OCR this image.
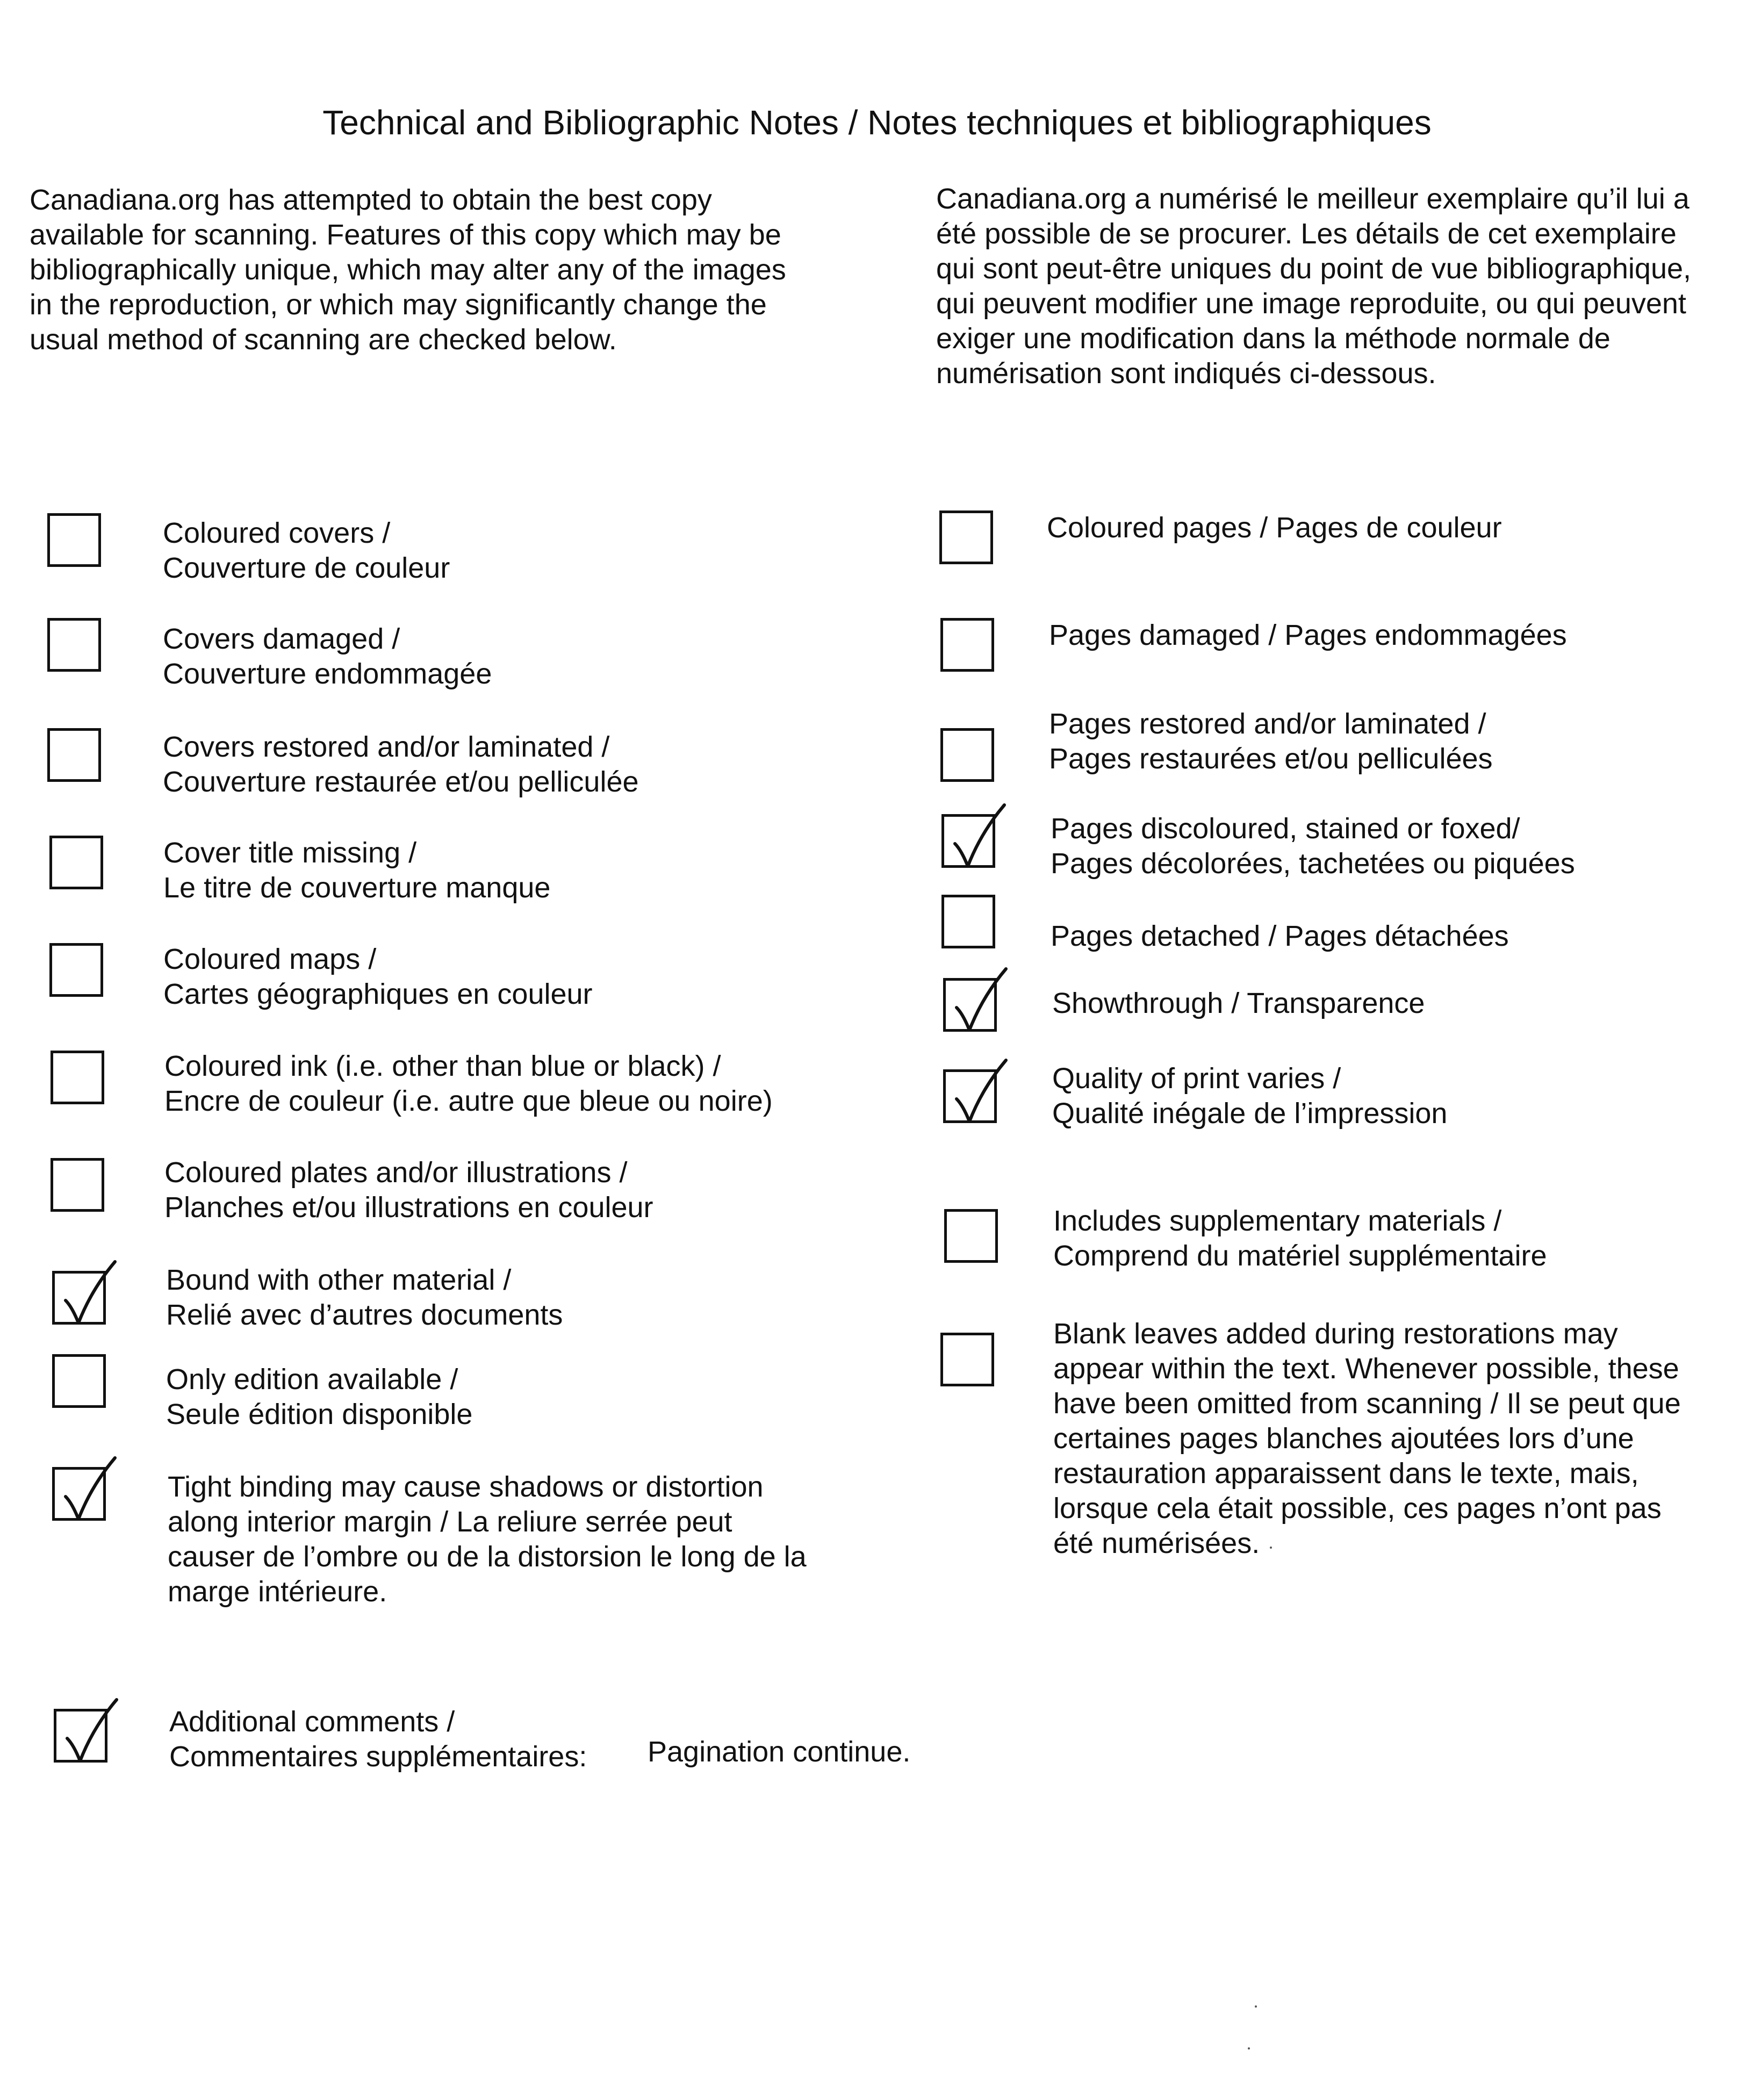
Technical and Bibliographic Notes / Notes techniques et bibliographiques
Canadiana.org has attempted to obtain the best copy
available for scanning. Features of this copy which may be
bibliographically unique, which may alter any of the images
in the reproduction, or which may significantly change the
usual method of scanning are checked below.
Canadiana.org a numérisé le meilleur exemplaire qu’il lui a
été possible de se procurer. Les détails de cet exemplaire
qui sont peut-être uniques du point de vue bibliographique,
qui peuvent modifier une image reproduite, ou qui peuvent
exiger une modification dans la méthode normale de
numérisation sont indiqués ci-dessous.
Coloured covers /
Couverture de couleur
Covers damaged /
Couverture endommagée
Covers restored and/or laminated /
Couverture restaurée et/ou pelliculée
Cover title missing /
Le titre de couverture manque
Coloured maps /
Cartes géographiques en couleur
Coloured ink (i.e. other than blue or black) /
Encre de couleur (i.e. autre que bleue ou noire)
Coloured plates and/or illustrations /
Planches et/ou illustrations en couleur
Bound with other material /
Relié avec d’autres documents
Only edition available /
Seule édition disponible
Tight binding may cause shadows or distortion
along interior margin / La reliure serrée peut
causer de l’ombre ou de la distorsion le long de la
marge intérieure.
Coloured pages / Pages de couleur
Pages damaged / Pages endommagées
Pages restored and/or laminated /
Pages restaurées et/ou pelliculées
Pages discoloured, stained or foxed/
Pages décolorées, tachetées ou piquées
Pages detached / Pages détachées
Showthrough / Transparence
Quality of print varies /
Qualité inégale de l’impression
Includes supplementary materials /
Comprend du matériel supplémentaire
Blank leaves added during restorations may
appear within the text. Whenever possible, these
have been omitted from scanning / Il se peut que
certaines pages blanches ajoutées lors d’une
restauration apparaissent dans le texte, mais,
lorsque cela était possible, ces pages n’ont pas
été numérisées.
Additional comments /
Commentaires supplémentaires:	Pagination continue.
